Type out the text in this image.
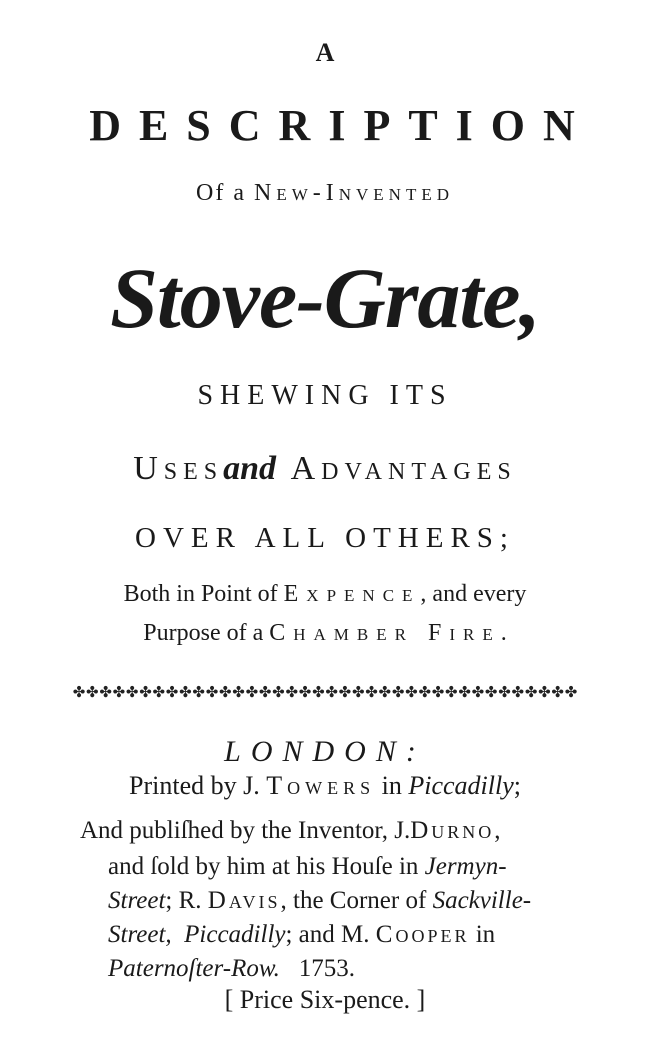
A
DESCRIPTION
Of a New-Invented
Stove-Grate,
SHEWING ITS
Usesand Advantages
OVER ALL OTHERS;
Both in Point of Expence, and every
Purpose of a Chamber Fire.
✤✤✤✤✤✤✤✤✤✤✤✤✤✤✤✤✤✤✤✤✤✤✤✤✤✤✤✤✤✤✤✤✤✤✤✤✤✤
LONDON:
Printed by J. Towers in Piccadilly;
And publiſhed by the Inventor, J.Durno,
and ſold by him at his Houſe in Jermyn-
Street; R. Davis, the Corner of Sackville-
Street, Piccadilly; and M. Cooper in
Paternoſter-Row. 1753.
[ Price Six-pence. ]
